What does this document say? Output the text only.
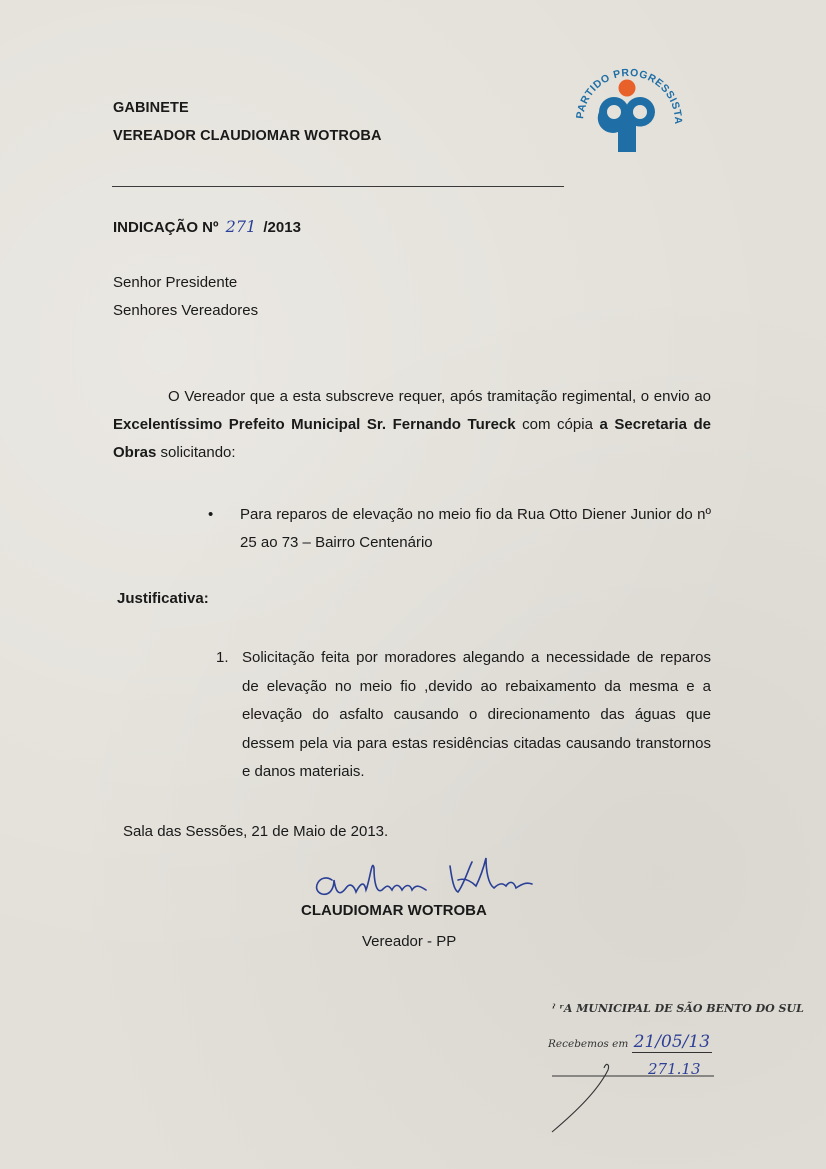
GABINETE
VEREADOR CLAUDIOMAR WOTROBA
PARTIDO PROGRESSISTA
INDICAÇÃO Nº 271 /2013
Senhor Presidente
Senhores Vereadores
O Vereador que a esta subscreve requer, após tramitação regimental, o envio ao Excelentíssimo Prefeito Municipal Sr. Fernando Tureck com cópia a Secretaria de Obras solicitando:
• Para reparos de elevação no meio fio da Rua Otto Diener Junior do nº 25 ao 73 – Bairro Centenário
Justificativa:
1. Solicitação feita por moradores alegando a necessidade de reparos de elevação no meio fio ,devido ao rebaixamento da mesma e a elevação do asfalto causando o direcionamento das águas que dessem pela via para estas residências citadas causando transtornos e danos materiais.
Sala das Sessões, 21 de Maio de 2013.
CLAUDIOMAR WOTROBA
Vereador - PP
ˀ ʳA MUNICIPAL DE SÃO BENTO DO SUL
Recebemos em 21/05/13
271.13
